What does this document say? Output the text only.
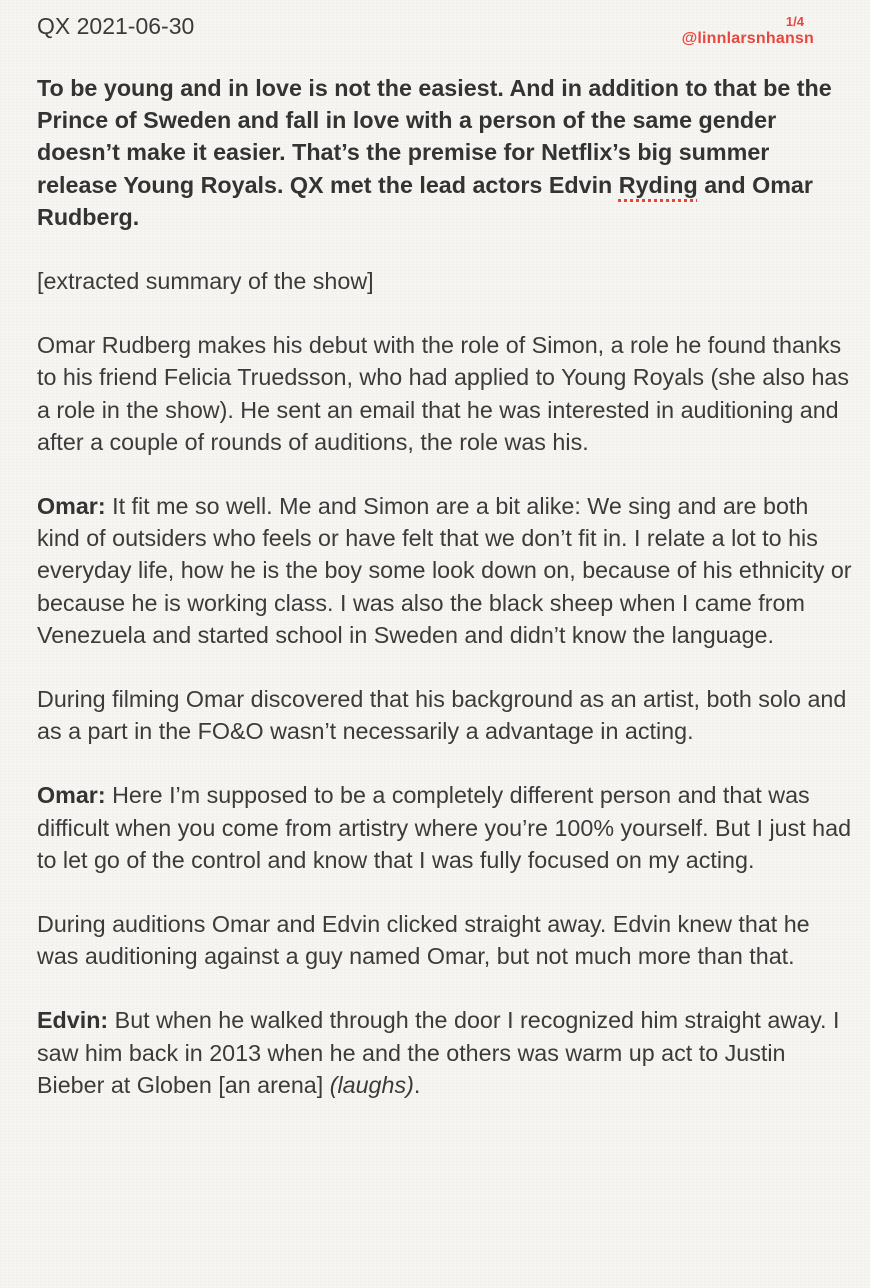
QX 2021-06-30	1/4
@linnlarsnhansn

To be young and in love is not the easiest. And in addition to that be the Prince of Sweden and fall in love with a person of the same gender doesn’t make it easier. That’s the premise for Netflix’s big summer release Young Royals. QX met the lead actors Edvin Ryding and Omar Rudberg.

[extracted summary of the show]

Omar Rudberg makes his debut with the role of Simon, a role he found thanks to his friend Felicia Truedsson, who had applied to Young Royals (she also has a role in the show). He sent an email that he was interested in auditioning and after a couple of rounds of auditions, the role was his.

Omar: It fit me so well. Me and Simon are a bit alike: We sing and are both kind of outsiders who feels or have felt that we don’t fit in. I relate a lot to his everyday life, how he is the boy some look down on, because of his ethnicity or because he is working class. I was also the black sheep when I came from Venezuela and started school in Sweden and didn’t know the language.

During filming Omar discovered that his background as an artist, both solo and as a part in the FO&O wasn’t necessarily a advantage in acting.

Omar: Here I’m supposed to be a completely different person and that was difficult when you come from artistry where you’re 100% yourself. But I just had to let go of the control and know that I was fully focused on my acting.

During auditions Omar and Edvin clicked straight away. Edvin knew that he was auditioning against a guy named Omar, but not much more than that.

Edvin: But when he walked through the door I recognized him straight away. I saw him back in 2013 when he and the others was warm up act to Justin Bieber at Globen [an arena] (laughs).
